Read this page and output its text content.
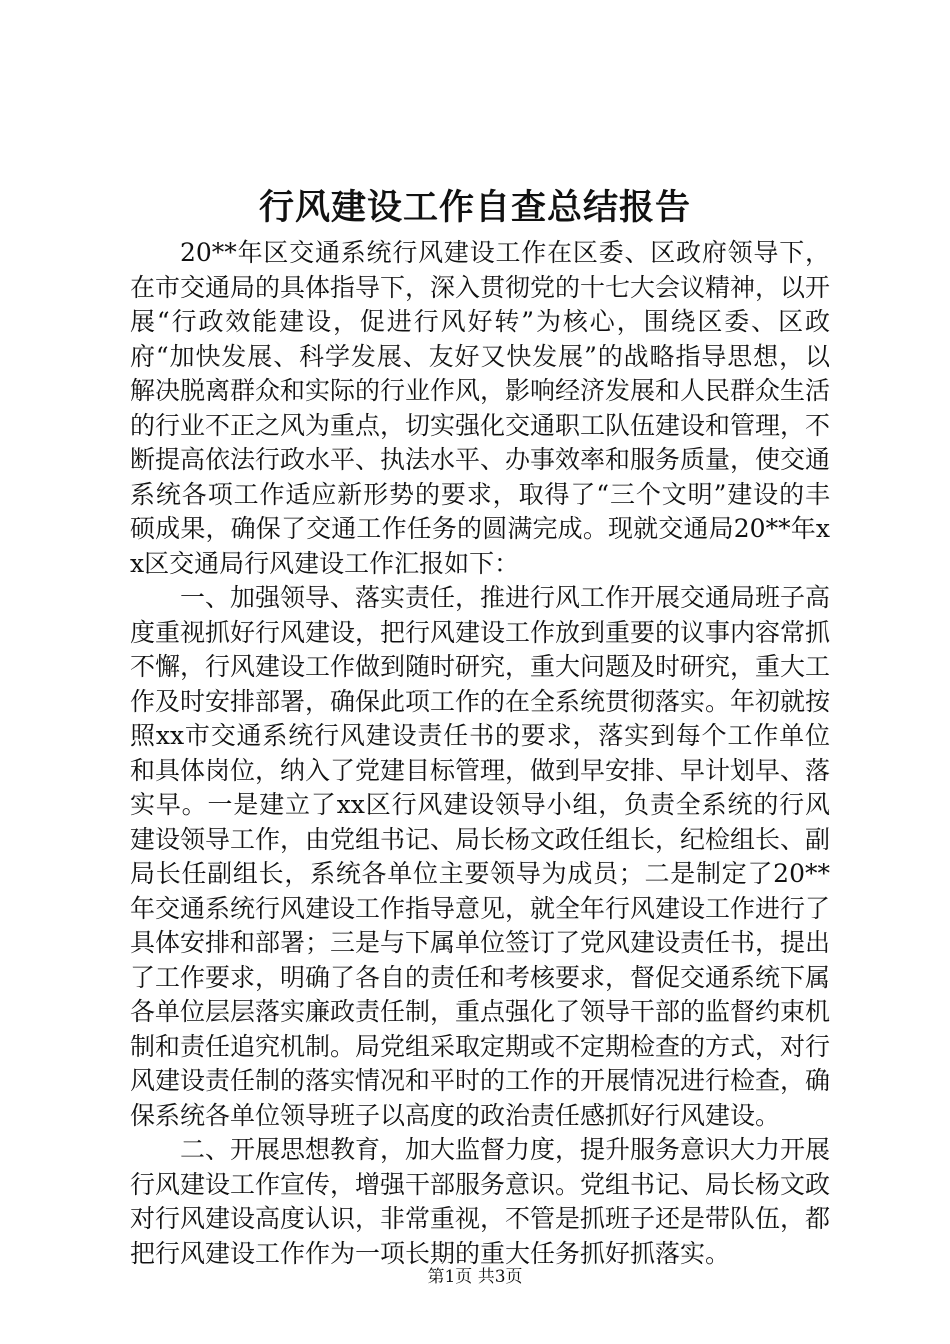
行风建设工作自查总结报告

20**年区交通系统行风建设工作在区委、区政府领导下，在市交通局的具体指导下，深入贯彻党的十七大会议精神，以开展“行政效能建设，促进行风好转”为核心，围绕区委、区政府“加快发展、科学发展、友好又快发展”的战略指导思想，以解决脱离群众和实际的行业作风，影响经济发展和人民群众生活的行业不正之风为重点，切实强化交通职工队伍建设和管理，不断提高依法行政水平、执法水平、办事效率和服务质量，使交通系统各项工作适应新形势的要求，取得了“三个文明”建设的丰硕成果，确保了交通工作任务的圆满完成。现就交通局20**年xx区交通局行风建设工作汇报如下：

一、加强领导、落实责任，推进行风工作开展交通局班子高度重视抓好行风建设，把行风建设工作放到重要的议事内容常抓不懈，行风建设工作做到随时研究，重大问题及时研究，重大工作及时安排部署，确保此项工作的在全系统贯彻落实。年初就按照xx市交通系统行风建设责任书的要求，落实到每个工作单位和具体岗位，纳入了党建目标管理，做到早安排、早计划早、落实早。一是建立了xx区行风建设领导小组，负责全系统的行风建设领导工作，由党组书记、局长杨文政任组长，纪检组长、副局长任副组长，系统各单位主要领导为成员；二是制定了20**年交通系统行风建设工作指导意见，就全年行风建设工作进行了具体安排和部署；三是与下属单位签订了党风建设责任书，提出了工作要求，明确了各自的责任和考核要求，督促交通系统下属各单位层层落实廉政责任制，重点强化了领导干部的监督约束机制和责任追究机制。局党组采取定期或不定期检查的方式，对行风建设责任制的落实情况和平时的工作的开展情况进行检查，确保系统各单位领导班子以高度的政治责任感抓好行风建设。

二、开展思想教育，加大监督力度，提升服务意识大力开展行风建设工作宣传，增强干部服务意识。党组书记、局长杨文政对行风建设高度认识，非常重视，不管是抓班子还是带队伍，都把行风建设工作作为一项长期的重大任务抓好抓落实。

第1页 共3页
